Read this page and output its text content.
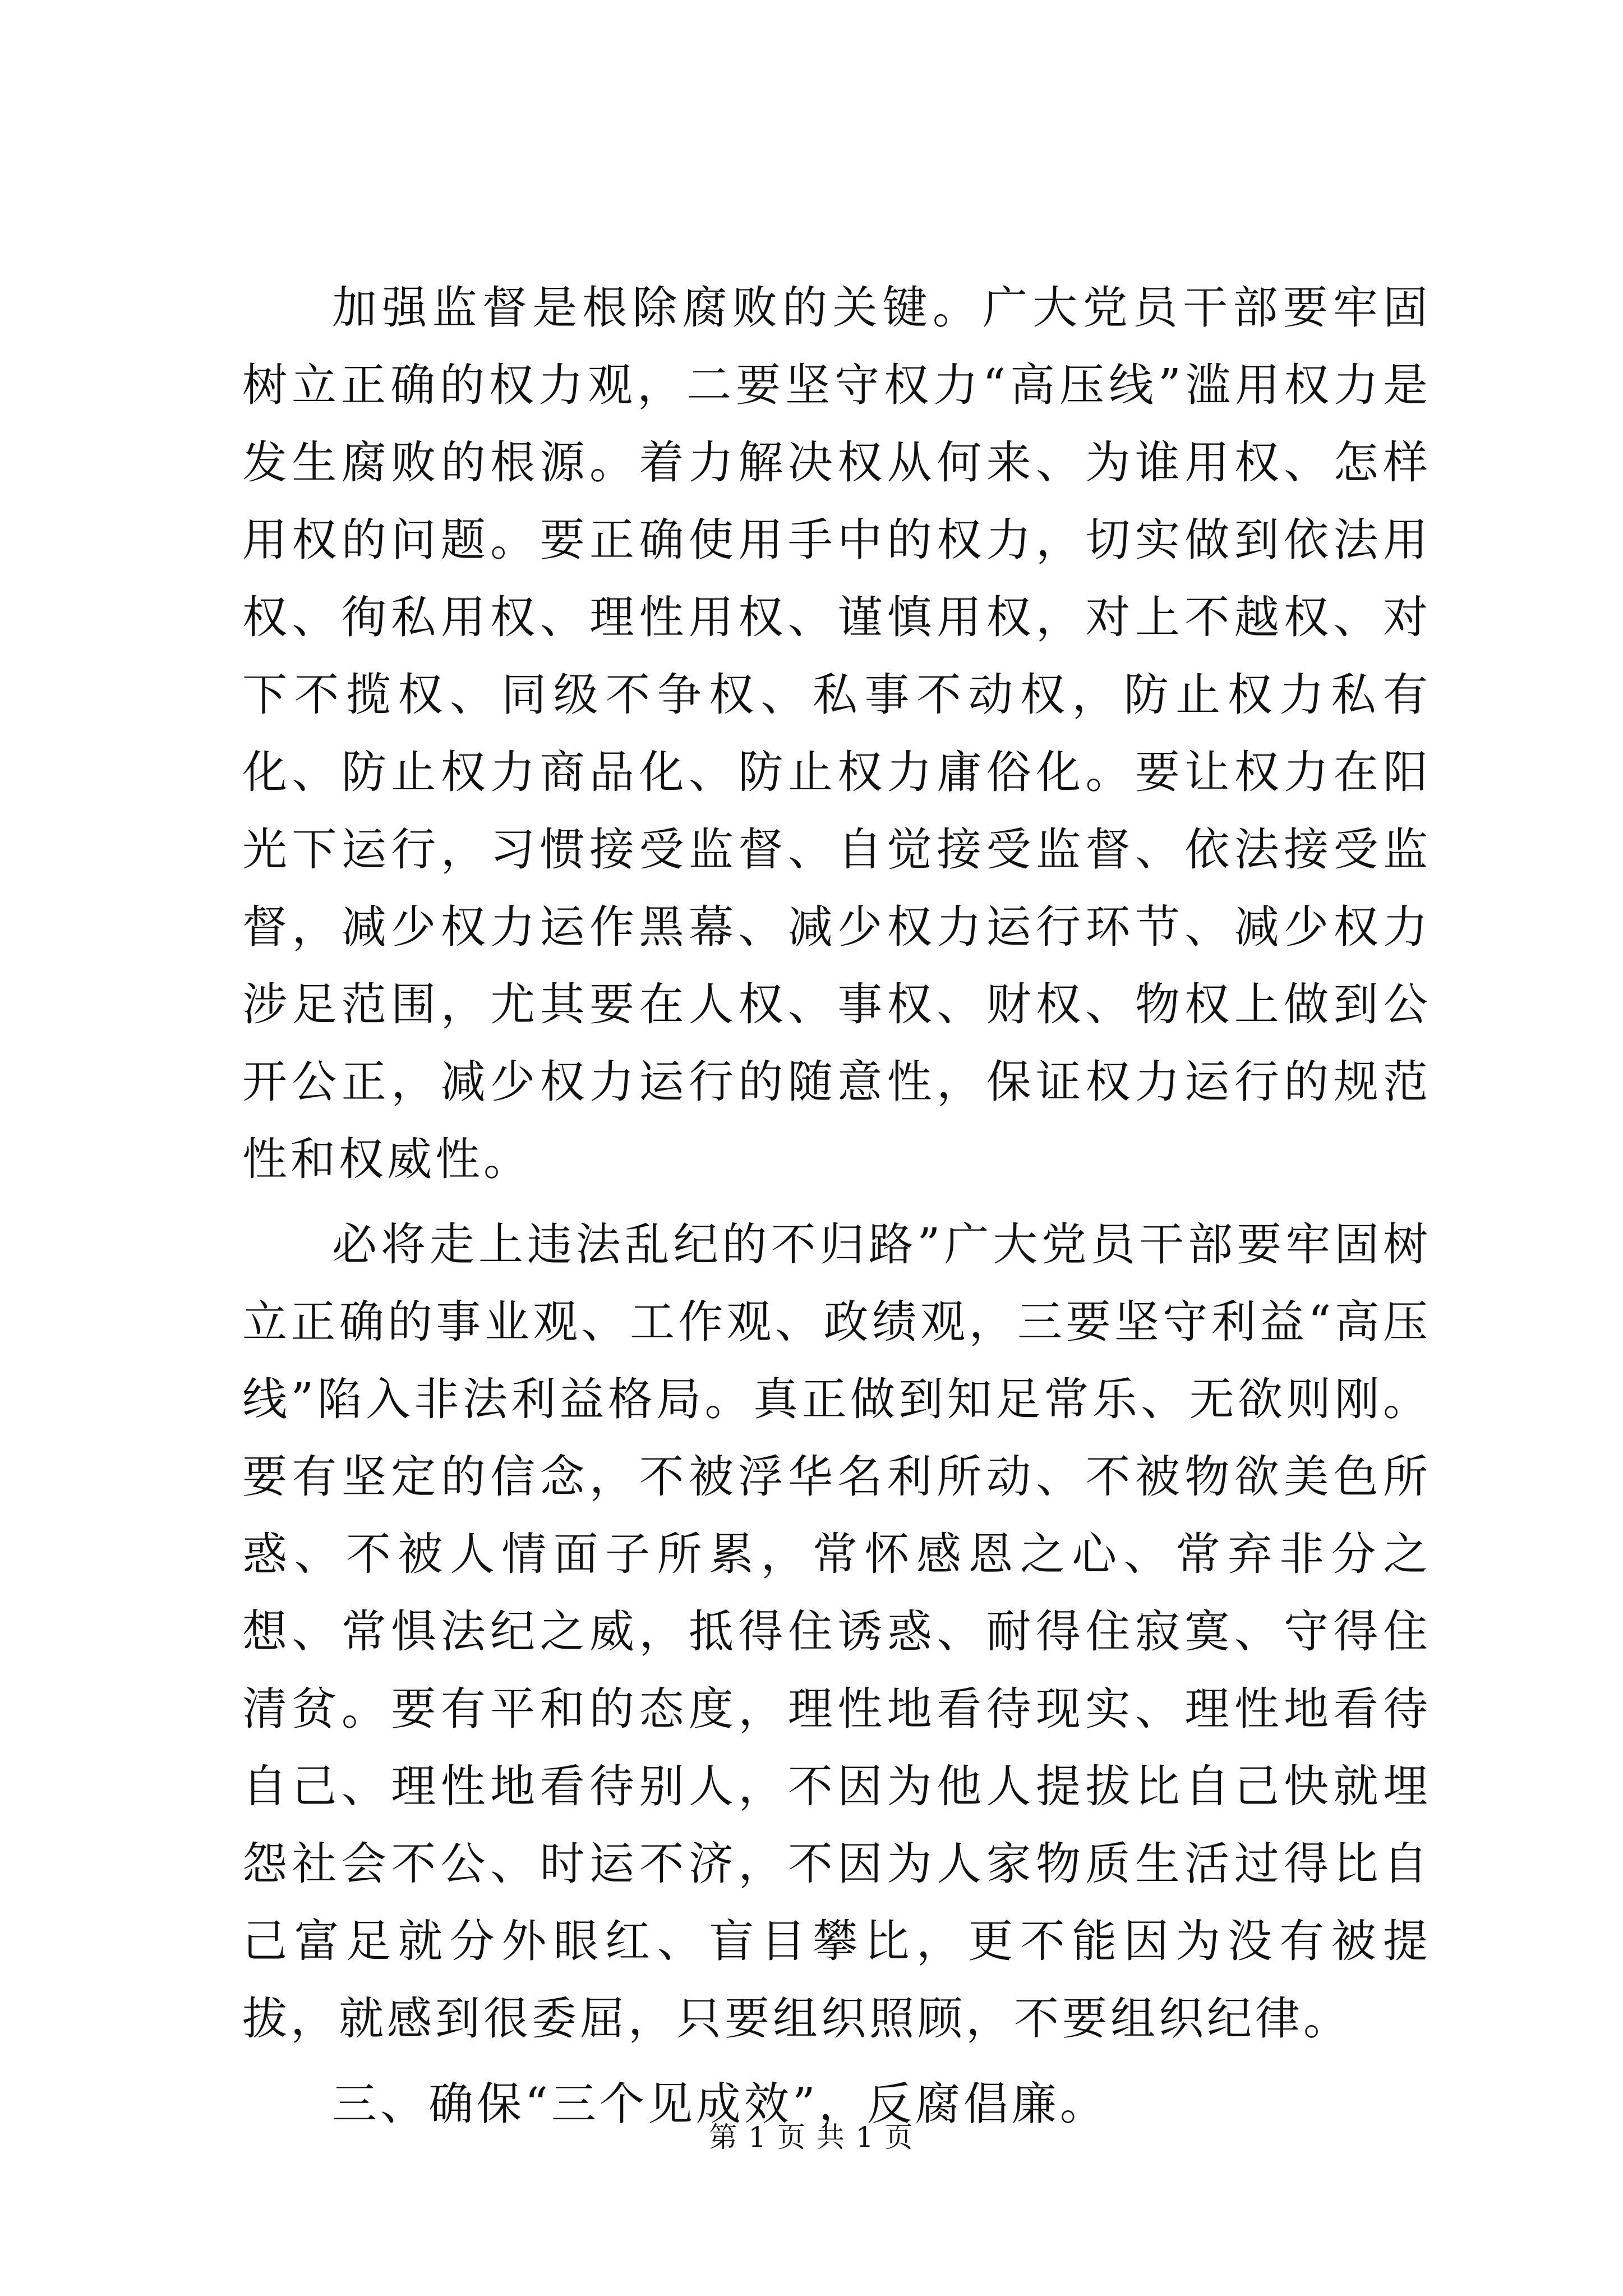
加强监督是根除腐败的关键。广大党员干部要牢固树立正确的权力观，二要坚守权力“高压线”滥用权力是发生腐败的根源。着力解决权从何来、为谁用权、怎样用权的问题。要正确使用手中的权力，切实做到依法用权、徇私用权、理性用权、谨慎用权，对上不越权、对下不揽权、同级不争权、私事不动权，防止权力私有化、防止权力商品化、防止权力庸俗化。要让权力在阳光下运行，习惯接受监督、自觉接受监督、依法接受监督，减少权力运作黑幕、减少权力运行环节、减少权力涉足范围，尤其要在人权、事权、财权、物权上做到公开公正，减少权力运行的随意性，保证权力运行的规范性和权威性。

必将走上违法乱纪的不归路”广大党员干部要牢固树立正确的事业观、工作观、政绩观，三要坚守利益“高压线”陷入非法利益格局。真正做到知足常乐、无欲则刚。要有坚定的信念，不被浮华名利所动、不被物欲美色所惑、不被人情面子所累，常怀感恩之心、常弃非分之想、常惧法纪之威，抵得住诱惑、耐得住寂寞、守得住清贫。要有平和的态度，理性地看待现实、理性地看待自己、理性地看待别人，不因为他人提拔比自己快就埋怨社会不公、时运不济，不因为人家物质生活过得比自己富足就分外眼红、盲目攀比，更不能因为没有被提拔，就感到很委屈，只要组织照顾，不要组织纪律。

三、确保“三个见成效”，反腐倡廉。

第 1 页 共 1 页
